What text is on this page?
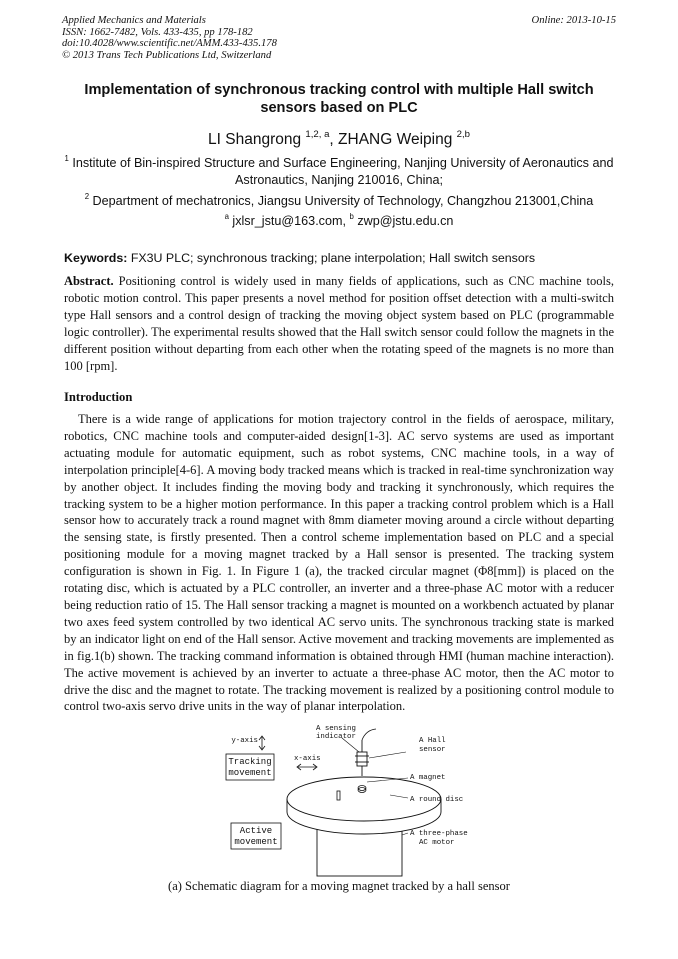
Applied Mechanics and Materials
ISSN: 1662-7482, Vols. 433-435, pp 178-182
doi:10.4028/www.scientific.net/AMM.433-435.178
© 2013 Trans Tech Publications Ltd, Switzerland
Online: 2013-10-15
Implementation of synchronous tracking control with multiple Hall switch sensors based on PLC
LI Shangrong $^{1,2, a}$, ZHANG Weiping $^{2,b}$
$^1$ Institute of Bin-inspired Structure and Surface Engineering, Nanjing University of Aeronautics and Astronautics, Nanjing 210016, China;
$^2$ Department of mechatronics, Jiangsu University of Technology, Changzhou 213001,China
$^a$ jxlsr_jstu@163.com, $^b$ zwp@jstu.edu.cn
Keywords: FX3U PLC; synchronous tracking; plane interpolation; Hall switch sensors
Abstract. Positioning control is widely used in many fields of applications, such as CNC machine tools, robotic motion control. This paper presents a novel method for position offset detection with a multi-switch type Hall sensors and a control design of tracking the moving object system based on PLC (programmable logic controller). The experimental results showed that the Hall switch sensor could follow the magnets in the different position without departing from each other when the rotating speed of the magnets is no more than 100 [rpm].
Introduction
There is a wide range of applications for motion trajectory control in the fields of aerospace, military, robotics, CNC machine tools and computer-aided design[1-3]. AC servo systems are used as important actuating module for automatic equipment, such as robot systems, CNC machine tools, in a way of interpolation principle[4-6]. A moving body tracked means which is tracked in real-time synchronization way by another object. It includes finding the moving body and tracking it synchronously, which requires the tracking system to be a higher motion performance. In this paper a tracking control problem which is a Hall sensor how to accurately track a round magnet with 8mm diameter moving around a circle without departing the sensing state, is firstly presented. Then a control scheme implementation based on PLC and a special positioning module for a moving magnet tracked by a Hall sensor is presented. The tracking system configuration is shown in Fig. 1. In Figure 1 (a), the tracked circular magnet (Φ8[mm]) is placed on the rotating disc, which is actuated by a PLC controller, an inverter and a three-phase AC motor with a reducer being reduction ratio of 15. The Hall sensor tracking a magnet is mounted on a workbench actuated by planar two axes feed system controlled by two identical AC servo units. The synchronous tracking state is marked by an indicator light on end of the Hall sensor. Active movement and tracking movements are implemented as in fig.1(b) shown. The tracking command information is obtained through HMI (human machine interaction). The active movement is achieved by an inverter to actuate a three-phase AC motor, then the AC motor to drive the disc and the magnet to rotate. The tracking movement is realized by a positioning control module to control two-axis servo drive units in the way of planar interpolation.
y-axis
x-axis
Tracking
movement
Active
movement
A sensing
indicator	A Hall
sensor
A magnet
A round disc
A three-phase
AC motor
(a) Schematic diagram for a moving magnet tracked by a hall sensor
